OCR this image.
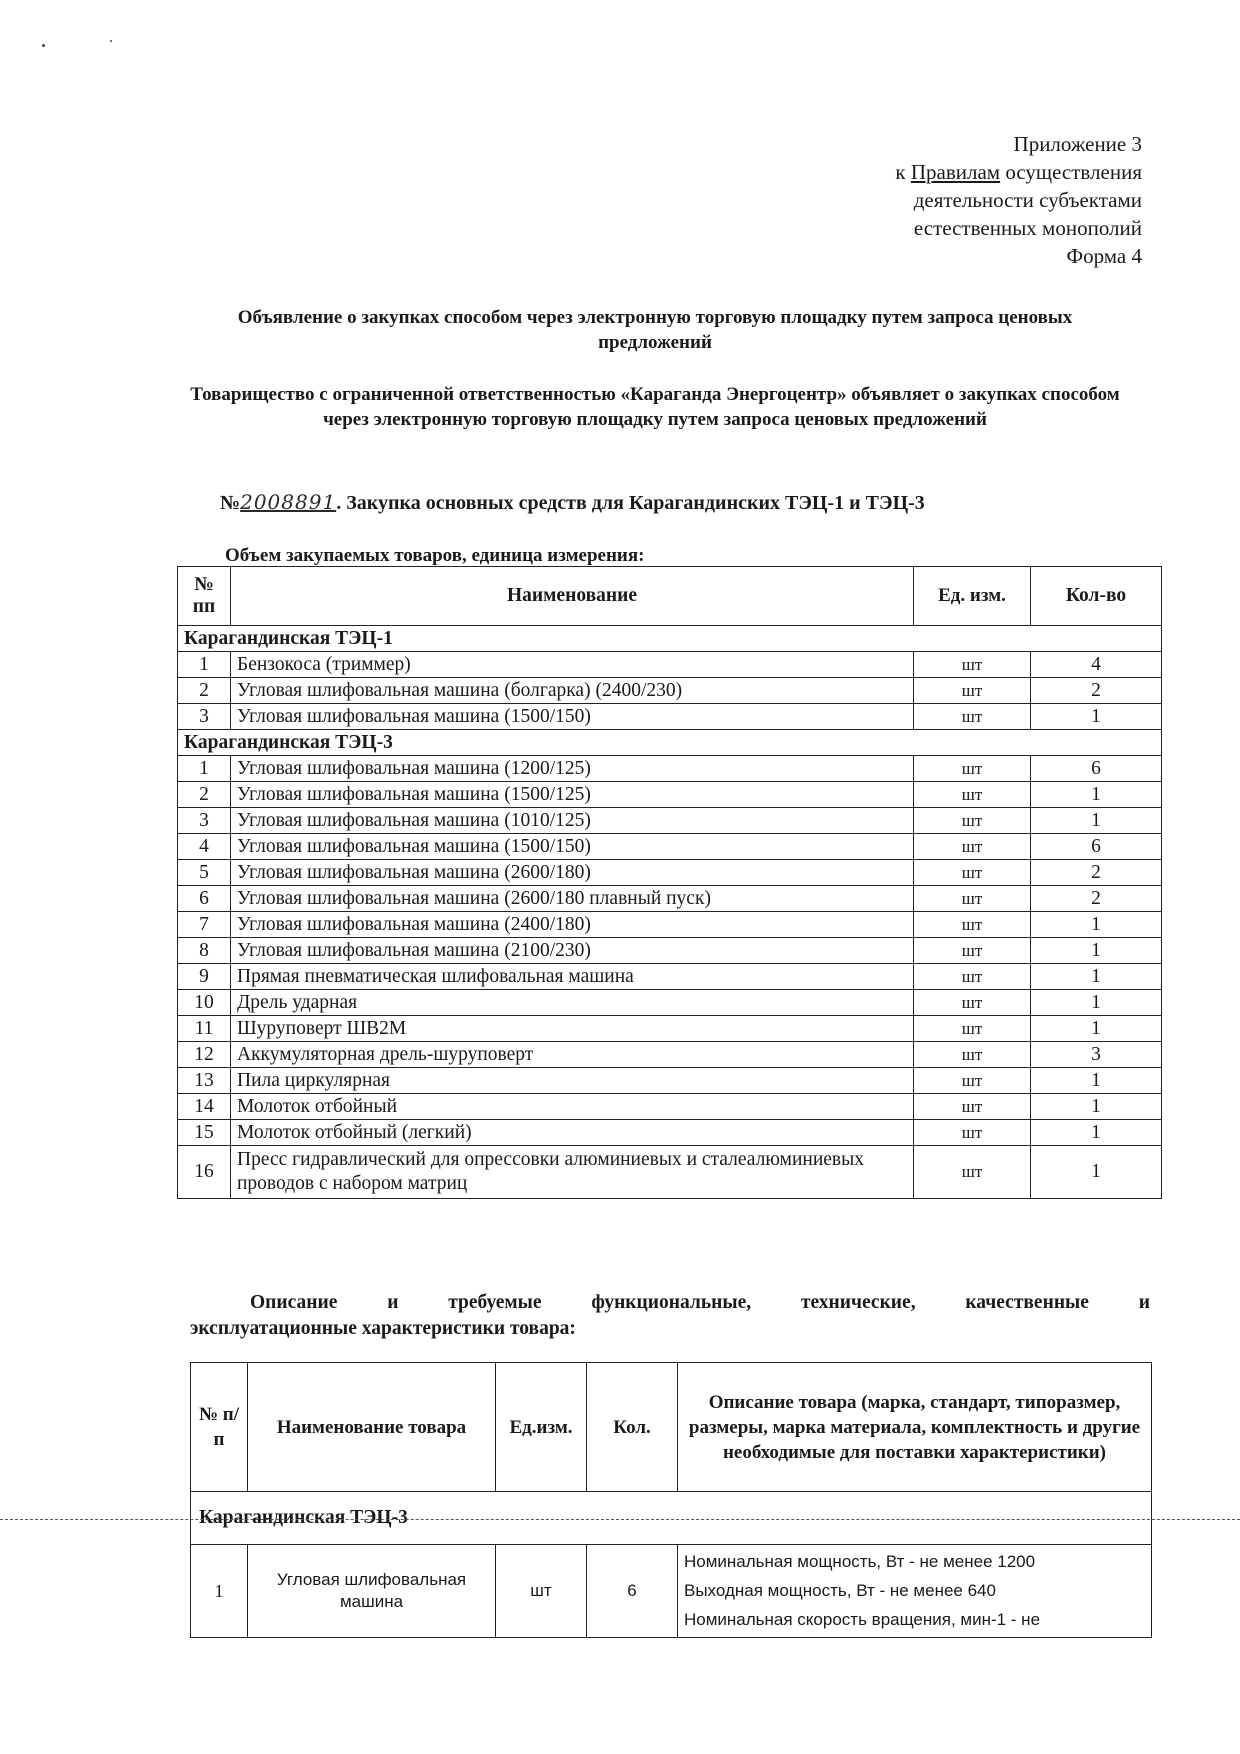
Приложение 3
к Правилам осуществления
деятельности субъектами
естественных монополий
Форма 4
Объявление о закупках способом через электронную торговую площадку путем запроса ценовых предложений
Товарищество с ограниченной ответственностью «Караганда Энергоцентр» объявляет о закупках способом через электронную торговую площадку путем запроса ценовых предложений
№2008891. Закупка основных средств для Карагандинских ТЭЦ-1 и ТЭЦ-3
Объем закупаемых товаров, единица измерения:
№ пп	Наименование	Ед. изм.	Кол-во
Карагандинская ТЭЦ-1			
1	Бензокоса (триммер)	шт	4
2	Угловая шлифовальная машина (болгарка) (2400/230)	шт	2
3	Угловая шлифовальная машина (1500/150)	шт	1
Карагандинская ТЭЦ-3			
1	Угловая шлифовальная машина (1200/125)	шт	6
2	Угловая шлифовальная машина (1500/125)	шт	1
3	Угловая шлифовальная машина (1010/125)	шт	1
4	Угловая шлифовальная машина (1500/150)	шт	6
5	Угловая шлифовальная машина (2600/180)	шт	2
6	Угловая шлифовальная машина (2600/180 плавный пуск)	шт	2
7	Угловая шлифовальная машина (2400/180)	шт	1
8	Угловая шлифовальная машина (2100/230)	шт	1
9	Прямая пневматическая шлифовальная машина	шт	1
10	Дрель ударная	шт	1
11	Шуруповерт ШВ2М	шт	1
12	Аккумуляторная дрель-шуруповерт	шт	3
13	Пила циркулярная	шт	1
14	Молоток отбойный	шт	1
15	Молоток отбойный (легкий)	шт	1
16	Пресс гидравлический для опрессовки алюминиевых и сталеалюминиевых проводов с набором матриц	шт	1
Описание	и	требуемые	функциональные,	технические,	качественные	и
эксплуатационные характеристики товара:
№ п/п	Наименование товара	Ед.изм.	Кол.	Описание товара (марка, стандарт, типоразмер, размеры, марка материала, комплектность и другие необходимые для поставки характеристики)
Карагандинская ТЭЦ-3				
1	Угловая шлифовальная машина	шт	6	Номинальная мощность, Вт - не менее 1200
Выходная мощность, Вт - не менее 640
Номинальная скорость вращения, мин-1 - не
